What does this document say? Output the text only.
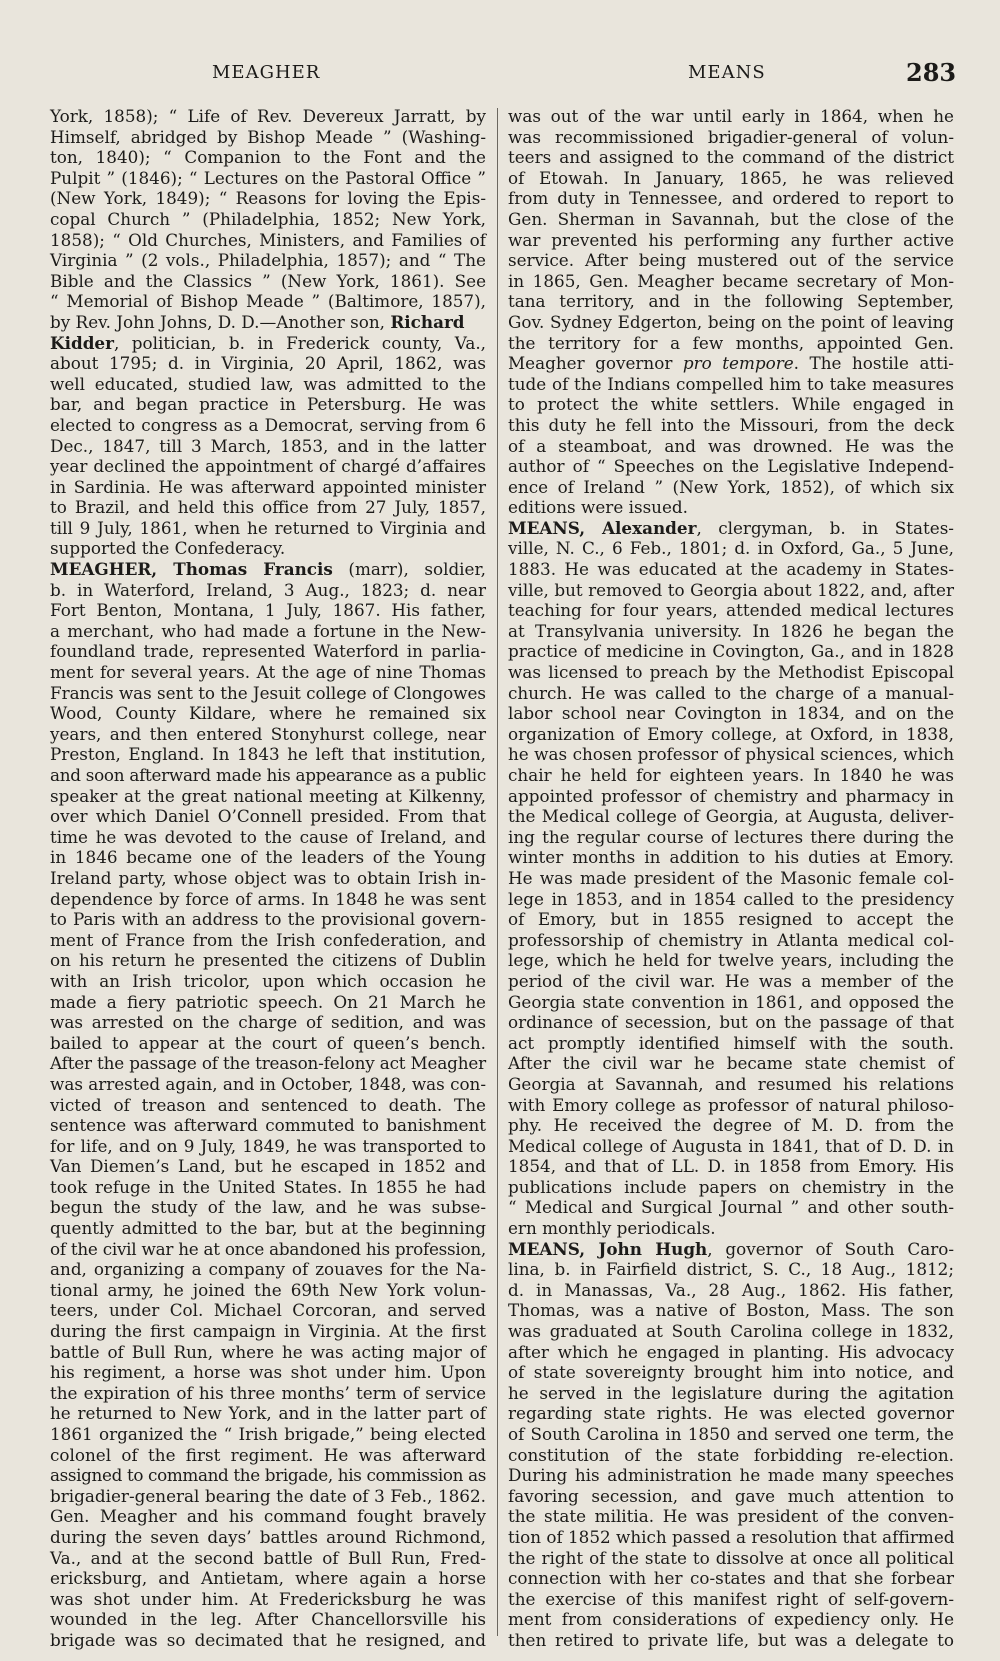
MEAGHER	MEANS	283
York, 1858); “ Life of Rev. Devereux Jarratt, by
Himself, abridged by Bishop Meade ” (Washing-
ton, 1840); “ Companion to the Font and the
Pulpit ” (1846); “ Lectures on the Pastoral Office ”
(New York, 1849); “ Reasons for loving the Epis-
copal Church ” (Philadelphia, 1852; New York,
1858); “ Old Churches, Ministers, and Families of
Virginia ” (2 vols., Philadelphia, 1857); and “ The
Bible and the Classics ” (New York, 1861). See
“ Memorial of Bishop Meade ” (Baltimore, 1857),
by Rev. John Johns, D. D.—Another son, Richard
Kidder, politician, b. in Frederick county, Va.,
about 1795; d. in Virginia, 20 April, 1862, was
well educated, studied law, was admitted to the
bar, and began practice in Petersburg. He was
elected to congress as a Democrat, serving from 6
Dec., 1847, till 3 March, 1853, and in the latter
year declined the appointment of chargé d’affaires
in Sardinia. He was afterward appointed minister
to Brazil, and held this office from 27 July, 1857,
till 9 July, 1861, when he returned to Virginia and
supported the Confederacy.
MEAGHER, Thomas Francis (marr), soldier,
b. in Waterford, Ireland, 3 Aug., 1823; d. near
Fort Benton, Montana, 1 July, 1867. His father,
a merchant, who had made a fortune in the New-
foundland trade, represented Waterford in parlia-
ment for several years. At the age of nine Thomas
Francis was sent to the Jesuit college of Clongowes
Wood, County Kildare, where he remained six
years, and then entered Stonyhurst college, near
Preston, England. In 1843 he left that institution,
and soon afterward made his appearance as a public
speaker at the great national meeting at Kilkenny,
over which Daniel O’Connell presided. From that
time he was devoted to the cause of Ireland, and
in 1846 became one of the leaders of the Young
Ireland party, whose object was to obtain Irish in-
dependence by force of arms. In 1848 he was sent
to Paris with an address to the provisional govern-
ment of France from the Irish confederation, and
on his return he presented the citizens of Dublin
with an Irish tricolor, upon which occasion he
made a fiery patriotic speech. On 21 March he
was arrested on the charge of sedition, and was
bailed to appear at the court of queen’s bench.
After the passage of the treason-felony act Meagher
was arrested again, and in October, 1848, was con-
victed of treason and sentenced to death. The
sentence was afterward commuted to banishment
for life, and on 9 July, 1849, he was transported to
Van Diemen’s Land, but he escaped in 1852 and
took refuge in the United States. In 1855 he had
begun the study of the law, and he was subse-
quently admitted to the bar, but at the beginning
of the civil war he at once abandoned his profession,
and, organizing a company of zouaves for the Na-
tional army, he joined the 69th New York volun-
teers, under Col. Michael Corcoran, and served
during the first campaign in Virginia. At the first
battle of Bull Run, where he was acting major of
his regiment, a horse was shot under him. Upon
the expiration of his three months’ term of service
he returned to New York, and in the latter part of
1861 organized the “ Irish brigade,” being elected
colonel of the first regiment. He was afterward
assigned to command the brigade, his commission as
brigadier-general bearing the date of 3 Feb., 1862.
Gen. Meagher and his command fought bravely
during the seven days’ battles around Richmond,
Va., and at the second battle of Bull Run, Fred-
ericksburg, and Antietam, where again a horse
was shot under him. At Fredericksburg he was
wounded in the leg. After Chancellorsville his
brigade was so decimated that he resigned, and
was out of the war until early in 1864, when he
was recommissioned brigadier-general of volun-
teers and assigned to the command of the district
of Etowah. In January, 1865, he was relieved
from duty in Tennessee, and ordered to report to
Gen. Sherman in Savannah, but the close of the
war prevented his performing any further active
service. After being mustered out of the service
in 1865, Gen. Meagher became secretary of Mon-
tana territory, and in the following September,
Gov. Sydney Edgerton, being on the point of leaving
the territory for a few months, appointed Gen.
Meagher governor pro tempore. The hostile atti-
tude of the Indians compelled him to take measures
to protect the white settlers. While engaged in
this duty he fell into the Missouri, from the deck
of a steamboat, and was drowned. He was the
author of “ Speeches on the Legislative Independ-
ence of Ireland ” (New York, 1852), of which six
editions were issued.
MEANS, Alexander, clergyman, b. in States-
ville, N. C., 6 Feb., 1801; d. in Oxford, Ga., 5 June,
1883. He was educated at the academy in States-
ville, but removed to Georgia about 1822, and, after
teaching for four years, attended medical lectures
at Transylvania university. In 1826 he began the
practice of medicine in Covington, Ga., and in 1828
was licensed to preach by the Methodist Episcopal
church. He was called to the charge of a manual-
labor school near Covington in 1834, and on the
organization of Emory college, at Oxford, in 1838,
he was chosen professor of physical sciences, which
chair he held for eighteen years. In 1840 he was
appointed professor of chemistry and pharmacy in
the Medical college of Georgia, at Augusta, deliver-
ing the regular course of lectures there during the
winter months in addition to his duties at Emory.
He was made president of the Masonic female col-
lege in 1853, and in 1854 called to the presidency
of Emory, but in 1855 resigned to accept the
professorship of chemistry in Atlanta medical col-
lege, which he held for twelve years, including the
period of the civil war. He was a member of the
Georgia state convention in 1861, and opposed the
ordinance of secession, but on the passage of that
act promptly identified himself with the south.
After the civil war he became state chemist of
Georgia at Savannah, and resumed his relations
with Emory college as professor of natural philoso-
phy. He received the degree of M. D. from the
Medical college of Augusta in 1841, that of D. D. in
1854, and that of LL. D. in 1858 from Emory. His
publications include papers on chemistry in the
“ Medical and Surgical Journal ” and other south-
ern monthly periodicals.
MEANS, John Hugh, governor of South Caro-
lina, b. in Fairfield district, S. C., 18 Aug., 1812;
d. in Manassas, Va., 28 Aug., 1862. His father,
Thomas, was a native of Boston, Mass. The son
was graduated at South Carolina college in 1832,
after which he engaged in planting. His advocacy
of state sovereignty brought him into notice, and
he served in the legislature during the agitation
regarding state rights. He was elected governor
of South Carolina in 1850 and served one term, the
constitution of the state forbidding re-election.
During his administration he made many speeches
favoring secession, and gave much attention to
the state militia. He was president of the conven-
tion of 1852 which passed a resolution that affirmed
the right of the state to dissolve at once all political
connection with her co-states and that she forbear
the exercise of this manifest right of self-govern-
ment from considerations of expediency only. He
then retired to private life, but was a delegate to
